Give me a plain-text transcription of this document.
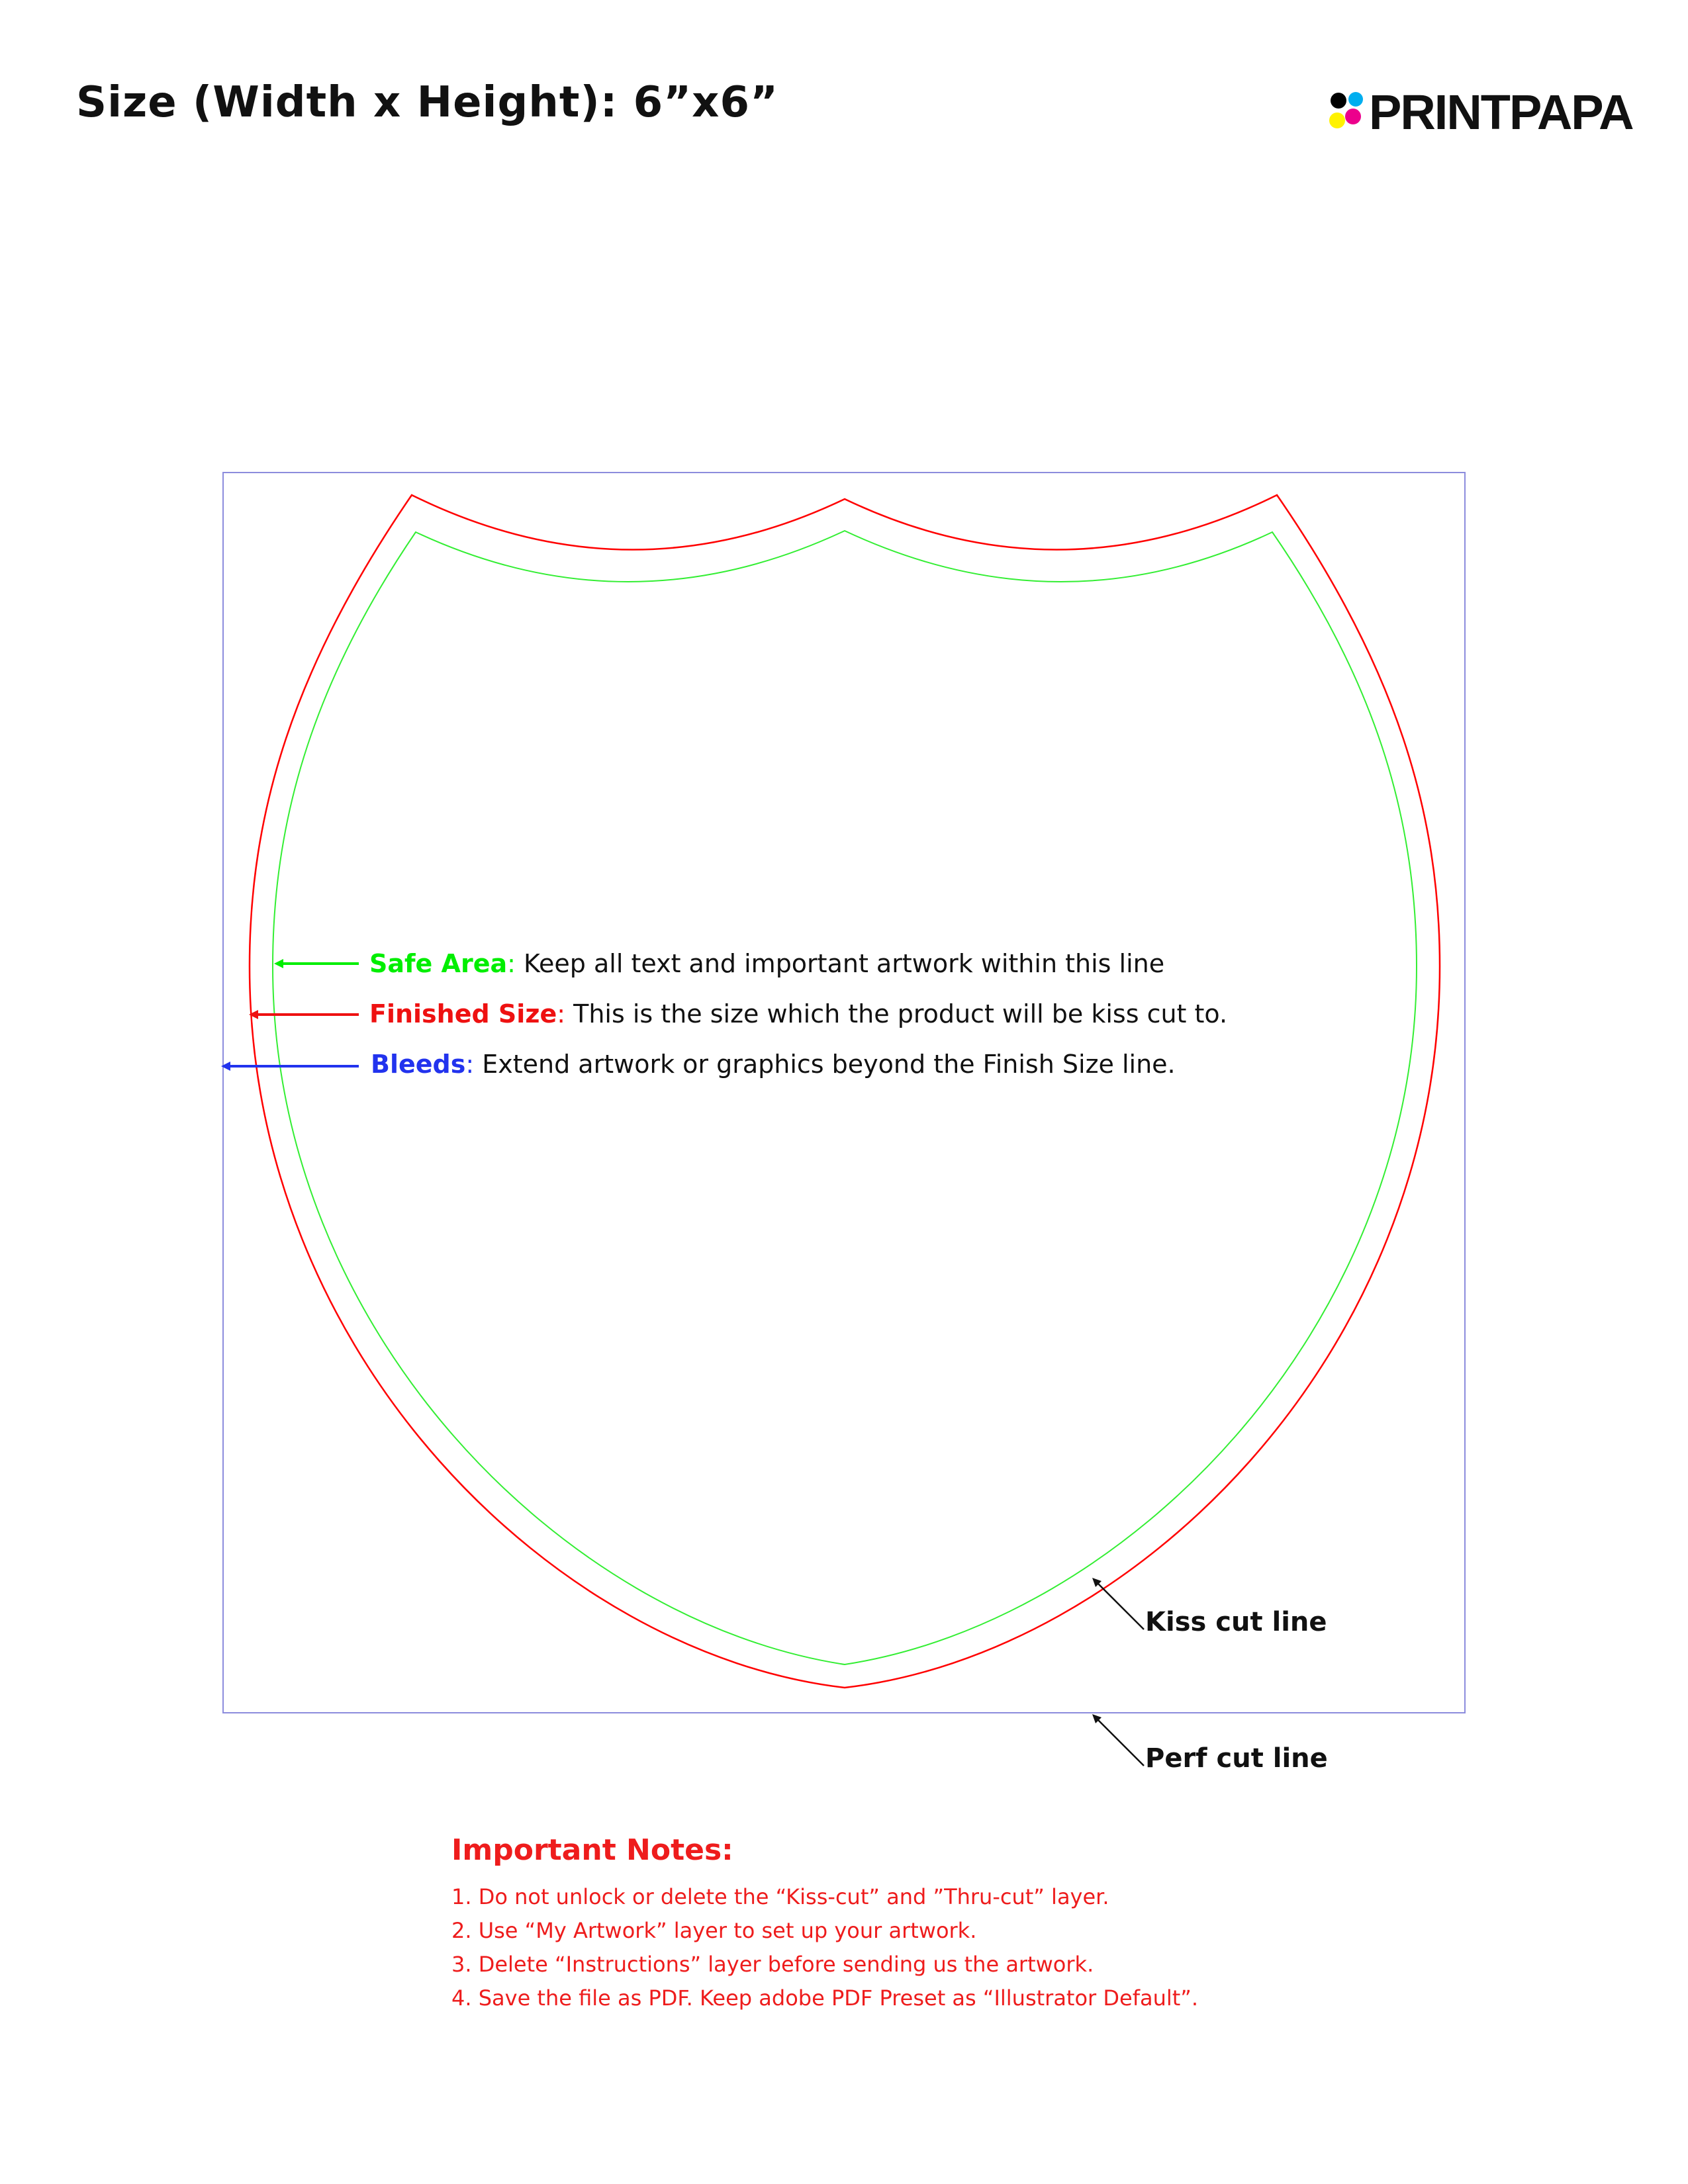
Size (Width x Height): 6”x6”	PRINTPAPA
Safe Area: Keep all text and important artwork within this line
Finished Size: This is the size which the product will be kiss cut to.
Bleeds: Extend artwork or graphics beyond the Finish Size line.
Kiss cut line
Perf cut line
Important Notes:
1. Do not unlock or delete the “Kiss-cut” and ”Thru-cut” layer.
2. Use “My Artwork” layer to set up your artwork.
3. Delete “Instructions” layer before sending us the artwork.
4. Save the file as PDF. Keep adobe PDF Preset as “Illustrator Default”.
